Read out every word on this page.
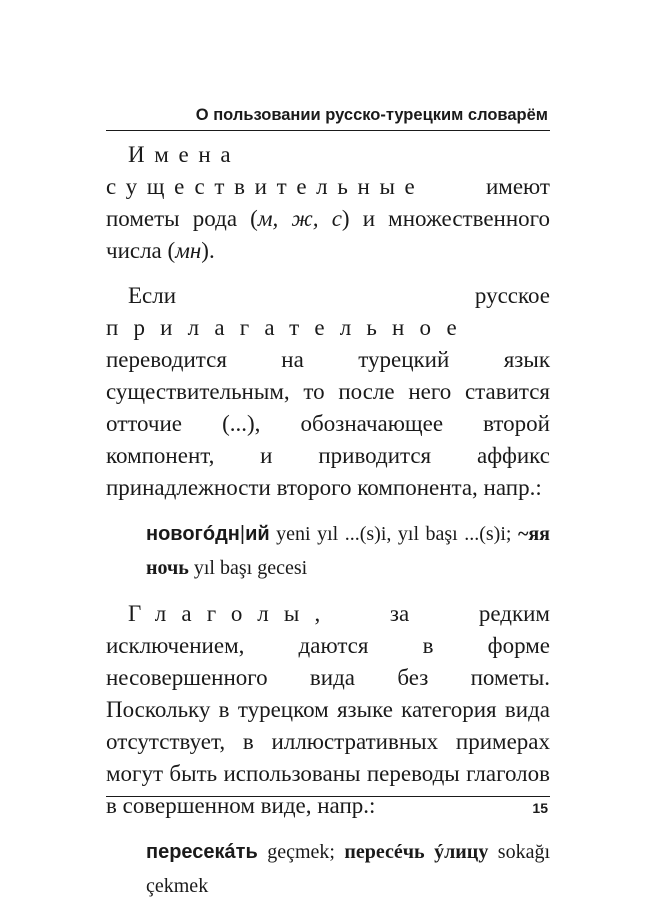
О пользовании русско-турецким словарём

Имена существительные имеют пометы рода (м, ж, с) и множественного числа (мн).

Если русское прилагательное переводится на турецкий язык существительным, то после него ставится отточие (...), обозначающее второй компонент, и приводится аффикс принадлежности второго компонента, напр.:

новогóдн|ий yeni yıl ...(s)i, yıl başı ...(s)i; ~яя ночь yıl başı gecesi

Глаголы, за редким исключением, даются в форме несовершенного вида без пометы. Поскольку в турецком языке категория вида отсутствует, в иллюстративных примерах могут быть использованы переводы глаголов в совершенном виде, напр.:

пересекáть geçmek; пересéчь ýлицу sokağı çekmek

15
